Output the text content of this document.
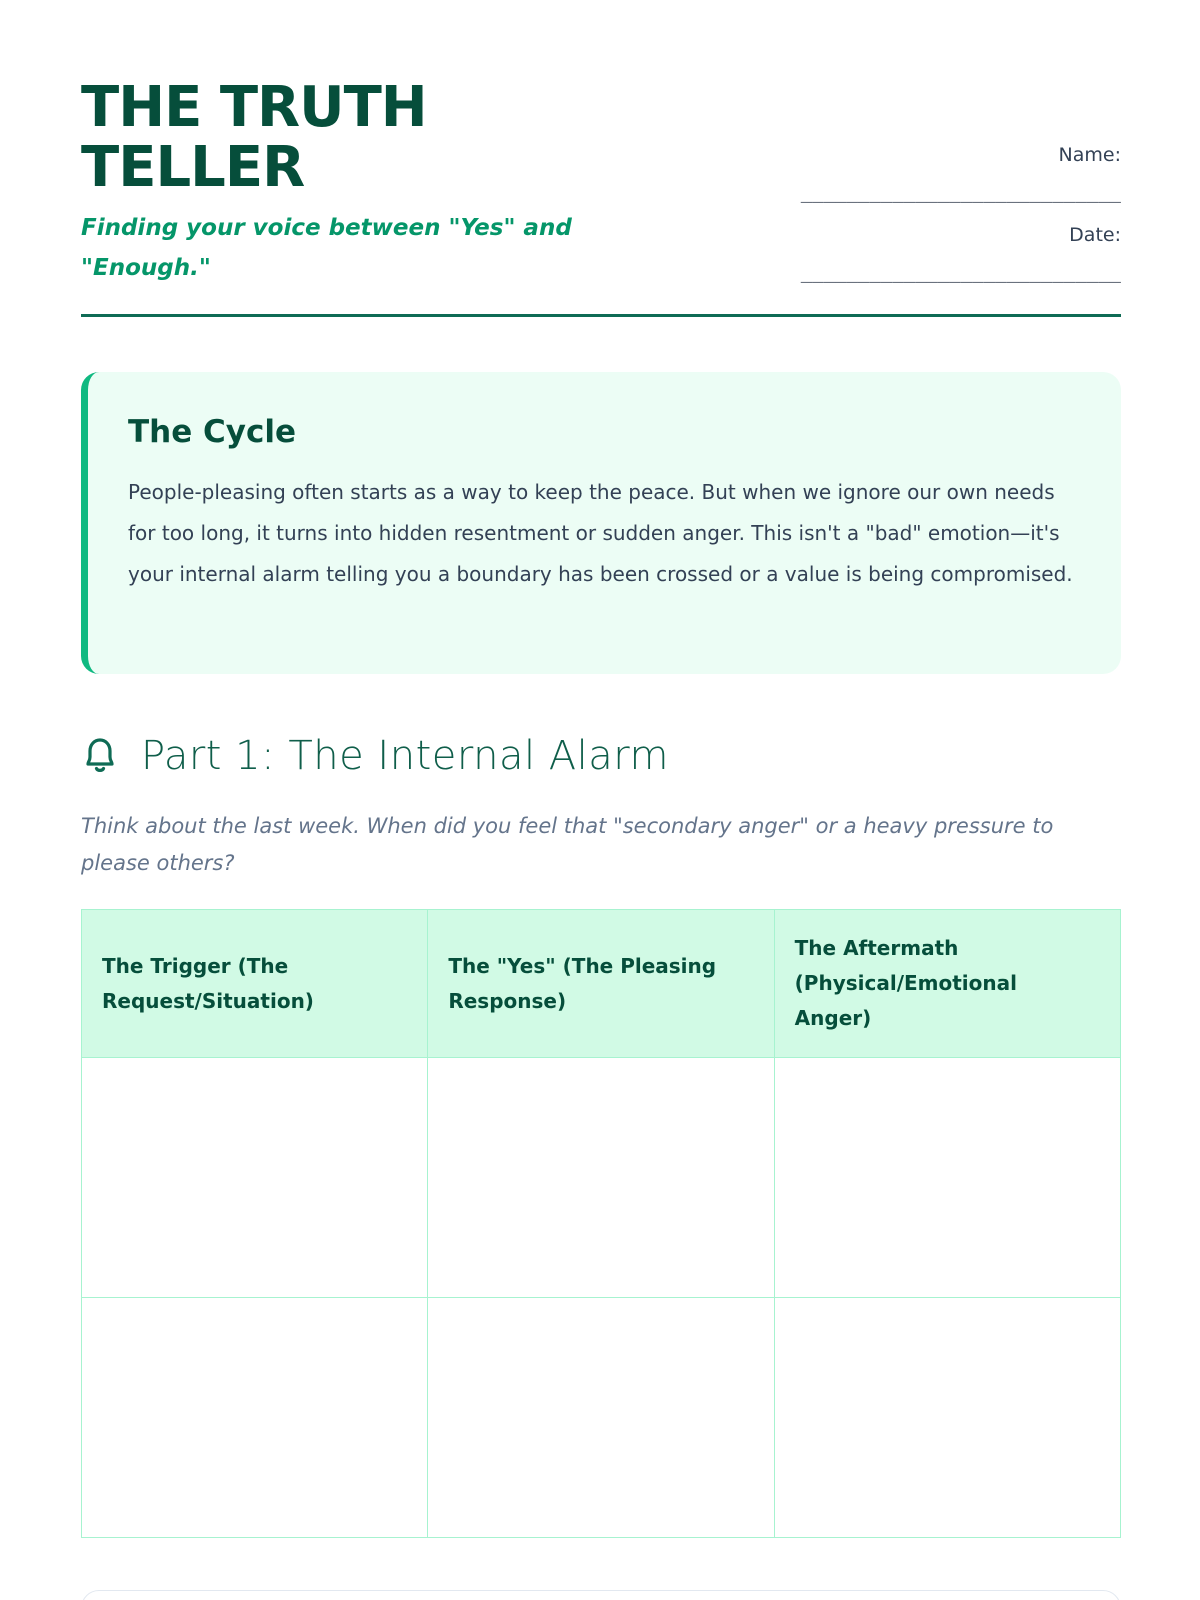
THE TRUTH TELLER
Finding your voice between "Yes" and "Enough."
Name:
____________________________
Date:
____________________________
The Cycle

People-pleasing often starts as a way to keep the peace. But when we ignore our own needs for too long, it turns into hidden resentment or sudden anger. This isn't a "bad" emotion—it's your internal alarm telling you a boundary has been crossed or a value is being compromised.

Part 1: The Internal Alarm

Think about the last week. When did you feel that "secondary anger" or a heavy pressure to please others?

The Trigger (The Request/Situation)	The "Yes" (The Pleasing Response)	The Aftermath (Physical/Emotional Anger)
